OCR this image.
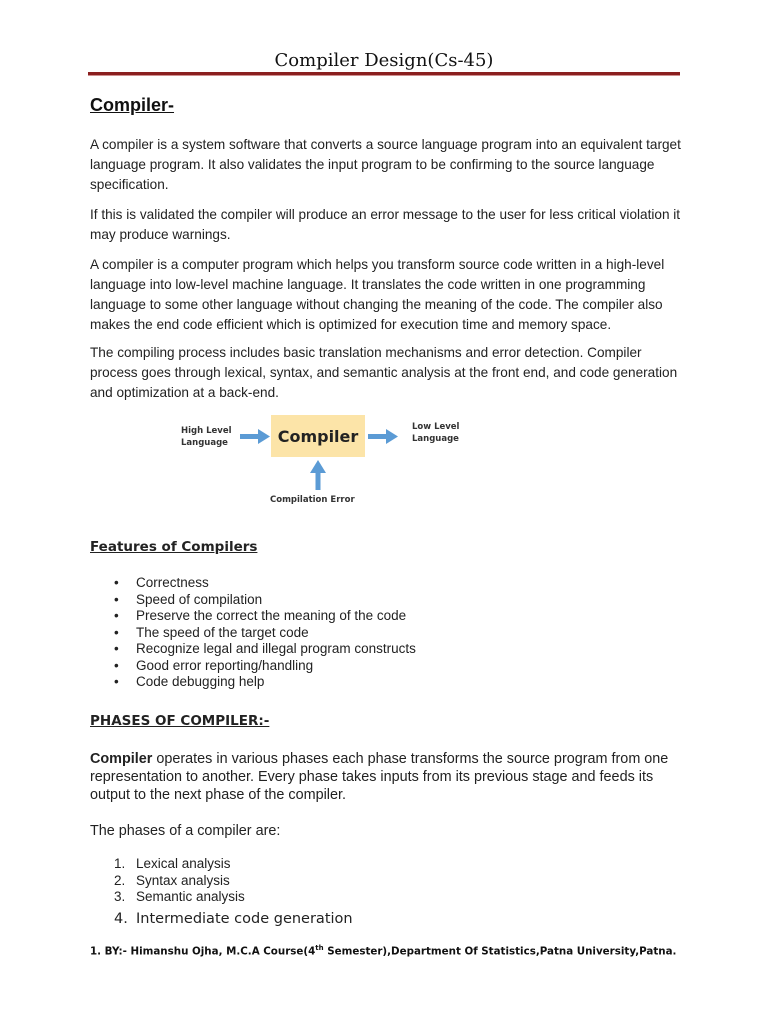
Compiler Design(Cs-45)
Compiler-

A compiler is a system software that converts a source language program into an equivalent target language program. It also validates the input program to be confirming to the source language specification.

If this is validated the compiler will produce an error message to the user for less critical violation it may produce warnings.

A compiler is a computer program which helps you transform source code written in a high-level language into low-level machine language. It translates the code written in one programming language to some other language without changing the meaning of the code. The compiler also makes the end code efficient which is optimized for execution time and memory space.

The compiling process includes basic translation mechanisms and error detection. Compiler process goes through lexical, syntax, and semantic analysis at the front end, and code generation and optimization at a back-end.

Compiler

High Level Language

Low Level Language

Compilation Error

Features of Compilers
• Correctness
• Speed of compilation
• Preserve the correct the meaning of the code
• The speed of the target code
• Recognize legal and illegal program constructs
• Good error reporting/handling
• Code debugging help
PHASES OF COMPILER:-

Compiler operates in various phases each phase transforms the source program from one representation to another. Every phase takes inputs from its previous stage and feeds its output to the next phase of the compiler.

The phases of a compiler are:

1. Lexical analysis
2. Syntax analysis
3. Semantic analysis
4. Intermediate code generation
1. BY:- Himanshu Ojha, M.C.A Course(4th Semester),Department Of Statistics,Patna University,Patna.
